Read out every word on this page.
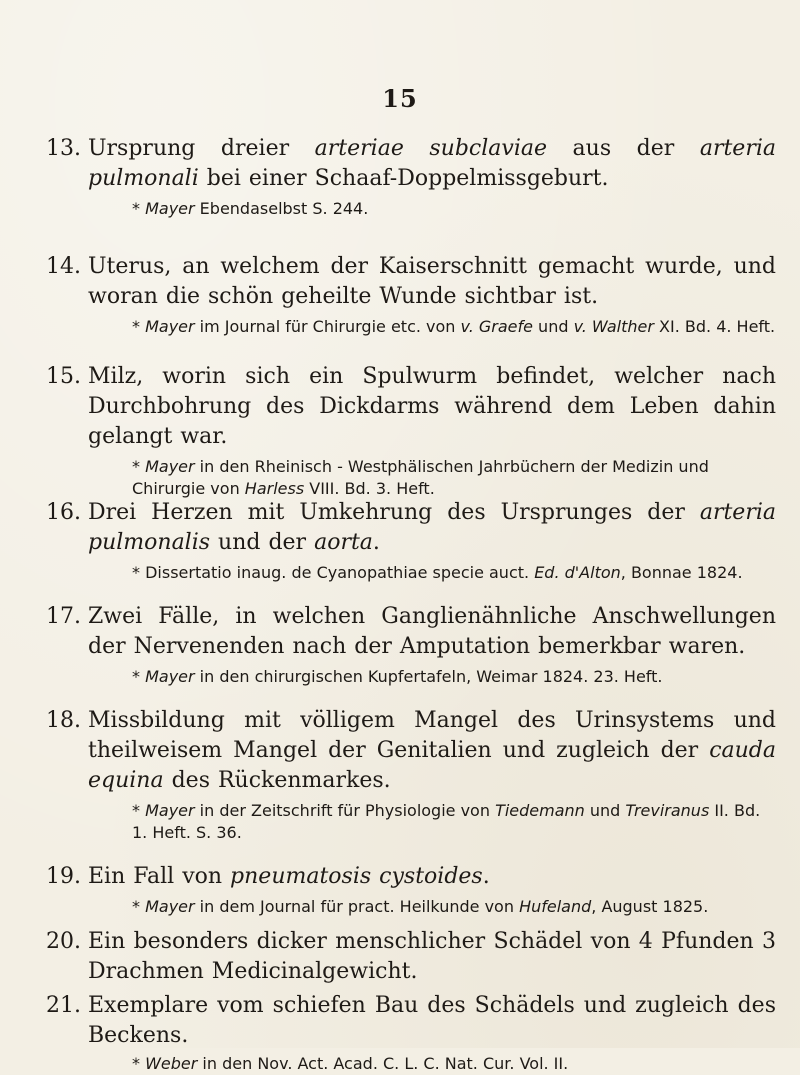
15
13. Ursprung dreier arteriae subclaviae aus der arteria pulmonali bei einer Schaaf-Doppelmissgeburt.
* Mayer Ebendaselbst S. 244.
14. Uterus, an welchem der Kaiserschnitt gemacht wurde, und woran die schön geheilte Wunde sichtbar ist.
* Mayer im Journal für Chirurgie etc. von v. Graefe und v. Walther XI. Bd. 4. Heft.
15. Milz, worin sich ein Spulwurm befindet, welcher nach Durchbohrung des Dickdarms während dem Leben dahin gelangt war.
* Mayer in den Rheinisch - Westphälischen Jahrbüchern der Medizin und Chirurgie von Harless VIII. Bd. 3. Heft.
16. Drei Herzen mit Umkehrung des Ursprunges der arteria pulmonalis und der aorta.
* Dissertatio inaug. de Cyanopathiae specie auct. Ed. d'Alton, Bonnae 1824.
17. Zwei Fälle, in welchen Ganglienähnliche Anschwellungen der Nervenenden nach der Amputation bemerkbar waren.
* Mayer in den chirurgischen Kupfertafeln, Weimar 1824. 23. Heft.
18. Missbildung mit völligem Mangel des Urinsystems und theilweisem Mangel der Genitalien und zugleich der cauda equina des Rückenmarkes.
* Mayer in der Zeitschrift für Physiologie von Tiedemann und Treviranus II. Bd. 1. Heft. S. 36.
19. Ein Fall von pneumatosis cystoides.
* Mayer in dem Journal für pract. Heilkunde von Hufeland, August 1825.
20. Ein besonders dicker menschlicher Schädel von 4 Pfunden 3 Drachmen Medicinalgewicht.
21. Exemplare vom schiefen Bau des Schädels und zugleich des Beckens.
* Weber in den Nov. Act. Acad. C. L. C. Nat. Cur. Vol. II.
